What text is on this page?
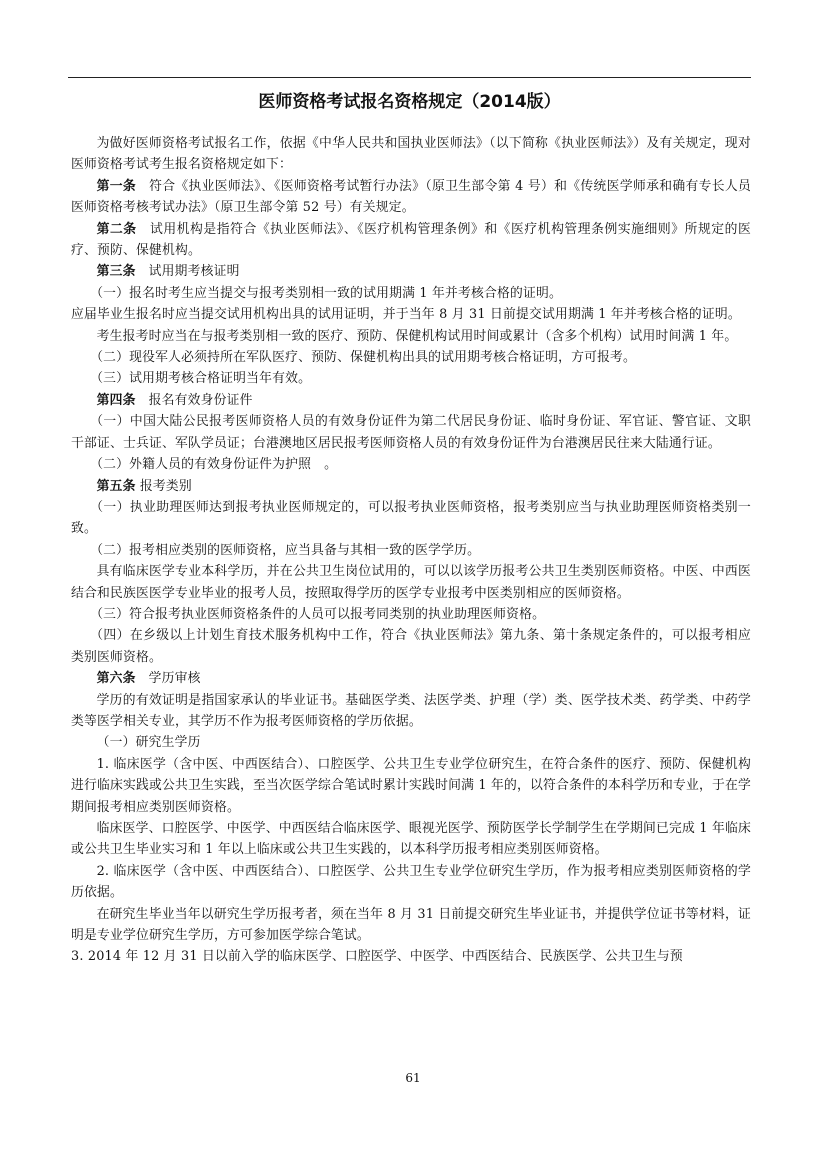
医师资格考试报名资格规定（2014版）

为做好医师资格考试报名工作，依据《中华人民共和国执业医师法》（以下简称《执业医师法》）及有关规定，现对医师资格考试考生报名资格规定如下：

第一条　符合《执业医师法》、《医师资格考试暂行办法》（原卫生部令第 4 号）和《传统医学师承和确有专长人员医师资格考核考试办法》（原卫生部令第 52 号）有关规定。

第二条　试用机构是指符合《执业医师法》、《医疗机构管理条例》和《医疗机构管理条例实施细则》所规定的医疗、预防、保健机构。

第三条　试用期考核证明

（一）报名时考生应当提交与报考类别相一致的试用期满 1 年并考核合格的证明。

应届毕业生报名时应当提交试用机构出具的试用证明，并于当年 8 月 31 日前提交试用期满 1 年并考核合格的证明。

考生报考时应当在与报考类别相一致的医疗、预防、保健机构试用时间或累计（含多个机构）试用时间满 1 年。

（二）现役军人必须持所在军队医疗、预防、保健机构出具的试用期考核合格证明，方可报考。

（三）试用期考核合格证明当年有效。

第四条　报名有效身份证件

（一）中国大陆公民报考医师资格人员的有效身份证件为第二代居民身份证、临时身份证、军官证、警官证、文职干部证、士兵证、军队学员证；台港澳地区居民报考医师资格人员的有效身份证件为台港澳居民往来大陆通行证。

（二）外籍人员的有效身份证件为护照　。

第五条 报考类别

（一）执业助理医师达到报考执业医师规定的，可以报考执业医师资格，报考类别应当与执业助理医师资格类别一致。

（二）报考相应类别的医师资格，应当具备与其相一致的医学学历。

具有临床医学专业本科学历，并在公共卫生岗位试用的，可以以该学历报考公共卫生类别医师资格。中医、中西医结合和民族医医学专业毕业的报考人员，按照取得学历的医学专业报考中医类别相应的医师资格。

（三）符合报考执业医师资格条件的人员可以报考同类别的执业助理医师资格。

（四）在乡级以上计划生育技术服务机构中工作，符合《执业医师法》第九条、第十条规定条件的，可以报考相应类别医师资格。

第六条　学历审核

学历的有效证明是指国家承认的毕业证书。基础医学类、法医学类、护理（学）类、医学技术类、药学类、中药学类等医学相关专业，其学历不作为报考医师资格的学历依据。

（一）研究生学历

1. 临床医学（含中医、中西医结合）、口腔医学、公共卫生专业学位研究生，在符合条件的医疗、预防、保健机构进行临床实践或公共卫生实践，至当次医学综合笔试时累计实践时间满 1 年的，以符合条件的本科学历和专业，于在学期间报考相应类别医师资格。

临床医学、口腔医学、中医学、中西医结合临床医学、眼视光医学、预防医学长学制学生在学期间已完成 1 年临床或公共卫生毕业实习和 1 年以上临床或公共卫生实践的，以本科学历报考相应类别医师资格。

2. 临床医学（含中医、中西医结合）、口腔医学、公共卫生专业学位研究生学历，作为报考相应类别医师资格的学历依据。

在研究生毕业当年以研究生学历报考者，须在当年 8 月 31 日前提交研究生毕业证书，并提供学位证书等材料，证明是专业学位研究生学历，方可参加医学综合笔试。

3. 2014 年 12 月 31 日以前入学的临床医学、口腔医学、中医学、中西医结合、民族医学、公共卫生与预

61
